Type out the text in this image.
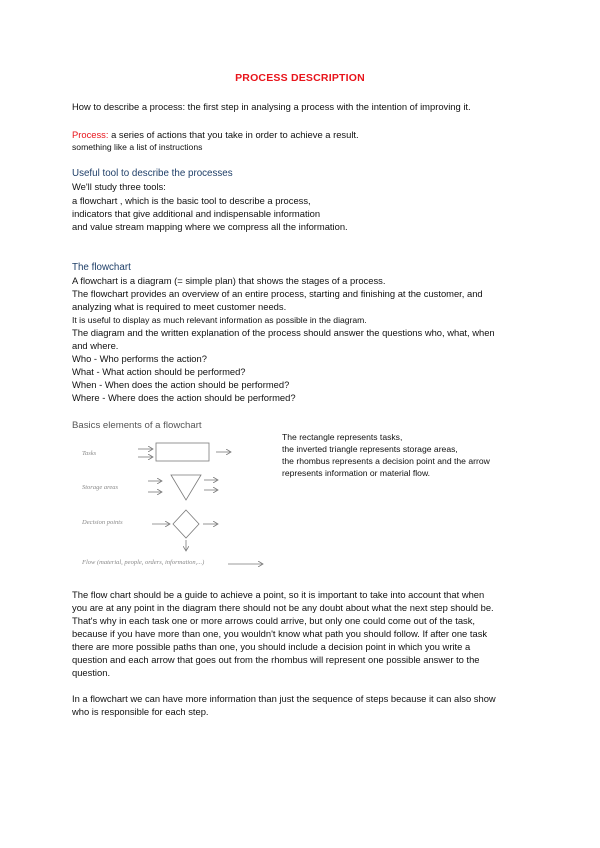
PROCESS DESCRIPTION
How to describe a process: the first step in analysing a process with the intention of improving it.
Process: a series of actions that you take in order to achieve a result.
something like a list of instructions
Useful tool to describe the processes
We'll study three tools:
a flowchart , which is the basic tool to describe a process,
indicators that give additional and indispensable information
and value stream mapping where we compress all the information.
The flowchart
A flowchart is a diagram (= simple plan) that shows the stages of a process.
The flowchart provides an overview of an entire process, starting and finishing at the customer, and
analyzing what is required to meet customer needs.
It is useful to display as much relevant information as possible in the diagram.
The diagram and the written explanation of the process should answer the questions who, what, when
and where.
Who - Who performs the action?
What - What action should be performed?
When - When does the action should be performed?
Where - Where does the action should be performed?
Basics elements of a flowchart
Tasks
Storage areas
Decision points
Flow (material, people, orders, information,...)
The rectangle represents tasks,
the inverted triangle represents storage areas,
the rhombus represents a decision point and the arrow
represents information or material flow.
The flow chart should be a guide to achieve a point, so it is important to take into account that when
you are at any point in the diagram there should not be any doubt about what the next step should be.
That's why in each task one or more arrows could arrive, but only one could come out of the task,
because if you have more than one, you wouldn't know what path you should follow. If after one task
there are more possible paths than one, you should include a decision point in which you write a
question and each arrow that goes out from the rhombus will represent one possible answer to the
question.
In a flowchart we can have more information than just the sequence of steps because it can also show
who is responsible for each step.
